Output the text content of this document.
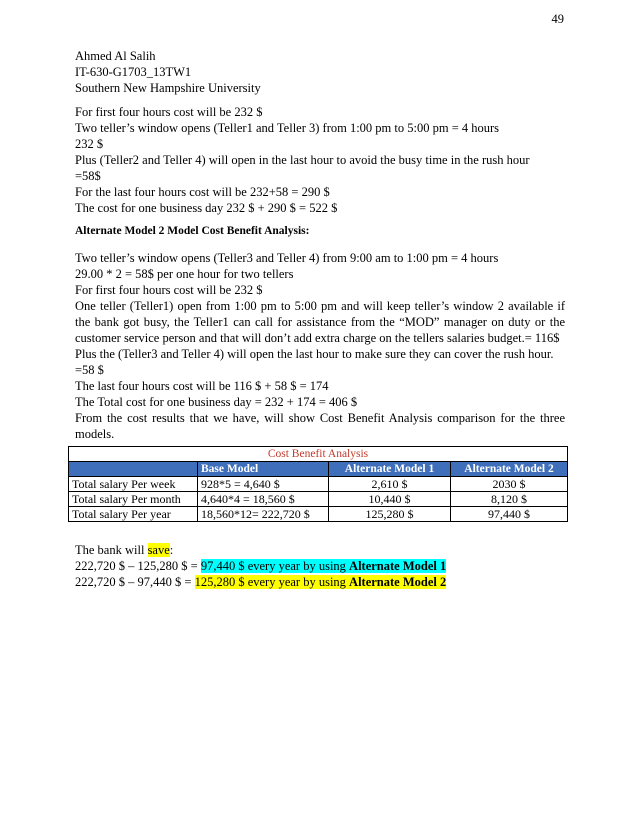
49
Ahmed Al Salih
IT-630-G1703_13TW1
Southern New Hampshire University
For first four hours cost will be 232 $
Two teller’s window opens (Teller1 and Teller 3) from 1:00 pm to 5:00 pm = 4 hours
232 $
Plus (Teller2 and Teller 4) will open in the last hour to avoid the busy time in the rush hour
=58$
For the last four hours cost will be 232+58 = 290 $
The cost for one business day 232 $ + 290 $ = 522 $
Alternate Model 2 Model Cost Benefit Analysis:
Two teller’s window opens (Teller3 and Teller 4) from 9:00 am to 1:00 pm = 4 hours
29.00 * 2 = 58$ per one hour for two tellers
For first four hours cost will be 232 $
One teller (Teller1) open from 1:00 pm to 5:00 pm and will keep teller’s window 2 available if
the bank got busy, the Teller1 can call for assistance from the “MOD” manager on duty or the
customer service person and that will don’t add extra charge on the tellers salaries budget.= 116$
Plus the (Teller3 and Teller 4) will open the last hour to make sure they can cover the rush hour.
=58 $
The last four hours cost will be 116 $ + 58 $ = 174
The Total cost for one business day = 232 + 174 = 406 $
From the cost results that we have, will show Cost Benefit Analysis comparison for the three
models.
Cost Benefit Analysis			
	Base Model	Alternate Model 1	Alternate Model 2
Total salary Per week	928*5 = 4,640 $	2,610 $	2030 $
Total salary Per month	4,640*4 = 18,560 $	10,440 $	8,120 $
Total salary Per year	18,560*12= 222,720 $	125,280 $	97,440 $
The bank will save:
222,720 $ – 125,280 $ = 97,440 $ every year by using Alternate Model 1
222,720 $ – 97,440 $ = 125,280 $ every year by using Alternate Model 2
